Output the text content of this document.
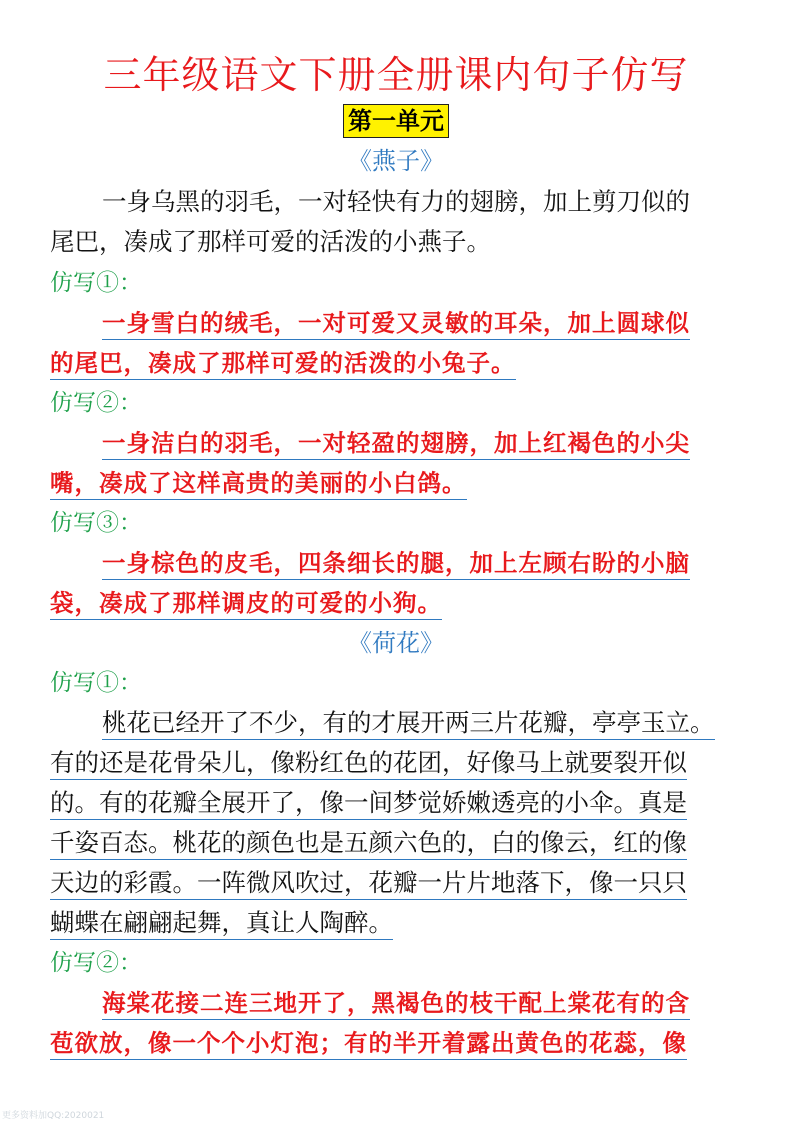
三年级语文下册全册课内句子仿写
第一单元
《燕子》
一身乌黑的羽毛，一对轻快有力的翅膀，加上剪刀似的
尾巴，凑成了那样可爱的活泼的小燕子。
仿写①：
一身雪白的绒毛，一对可爱又灵敏的耳朵，加上圆球似
的尾巴，凑成了那样可爱的活泼的小兔子。
仿写②：
一身洁白的羽毛，一对轻盈的翅膀，加上红褐色的小尖
嘴，凑成了这样高贵的美丽的小白鸽。
仿写③：
一身棕色的皮毛，四条细长的腿，加上左顾右盼的小脑
袋，凑成了那样调皮的可爱的小狗。
《荷花》
仿写①：
桃花已经开了不少，有的才展开两三片花瓣，亭亭玉立。
有的还是花骨朵儿，像粉红色的花团，好像马上就要裂开似
的。有的花瓣全展开了，像一间梦觉娇嫩透亮的小伞。真是
千姿百态。桃花的颜色也是五颜六色的，白的像云，红的像
天边的彩霞。一阵微风吹过，花瓣一片片地落下，像一只只
蝴蝶在翩翩起舞，真让人陶醉。
仿写②：
海棠花接二连三地开了，黑褐色的枝干配上棠花有的含
苞欲放，像一个个小灯泡；有的半开着露出黄色的花蕊，像
更多资料加QQ:2020021
